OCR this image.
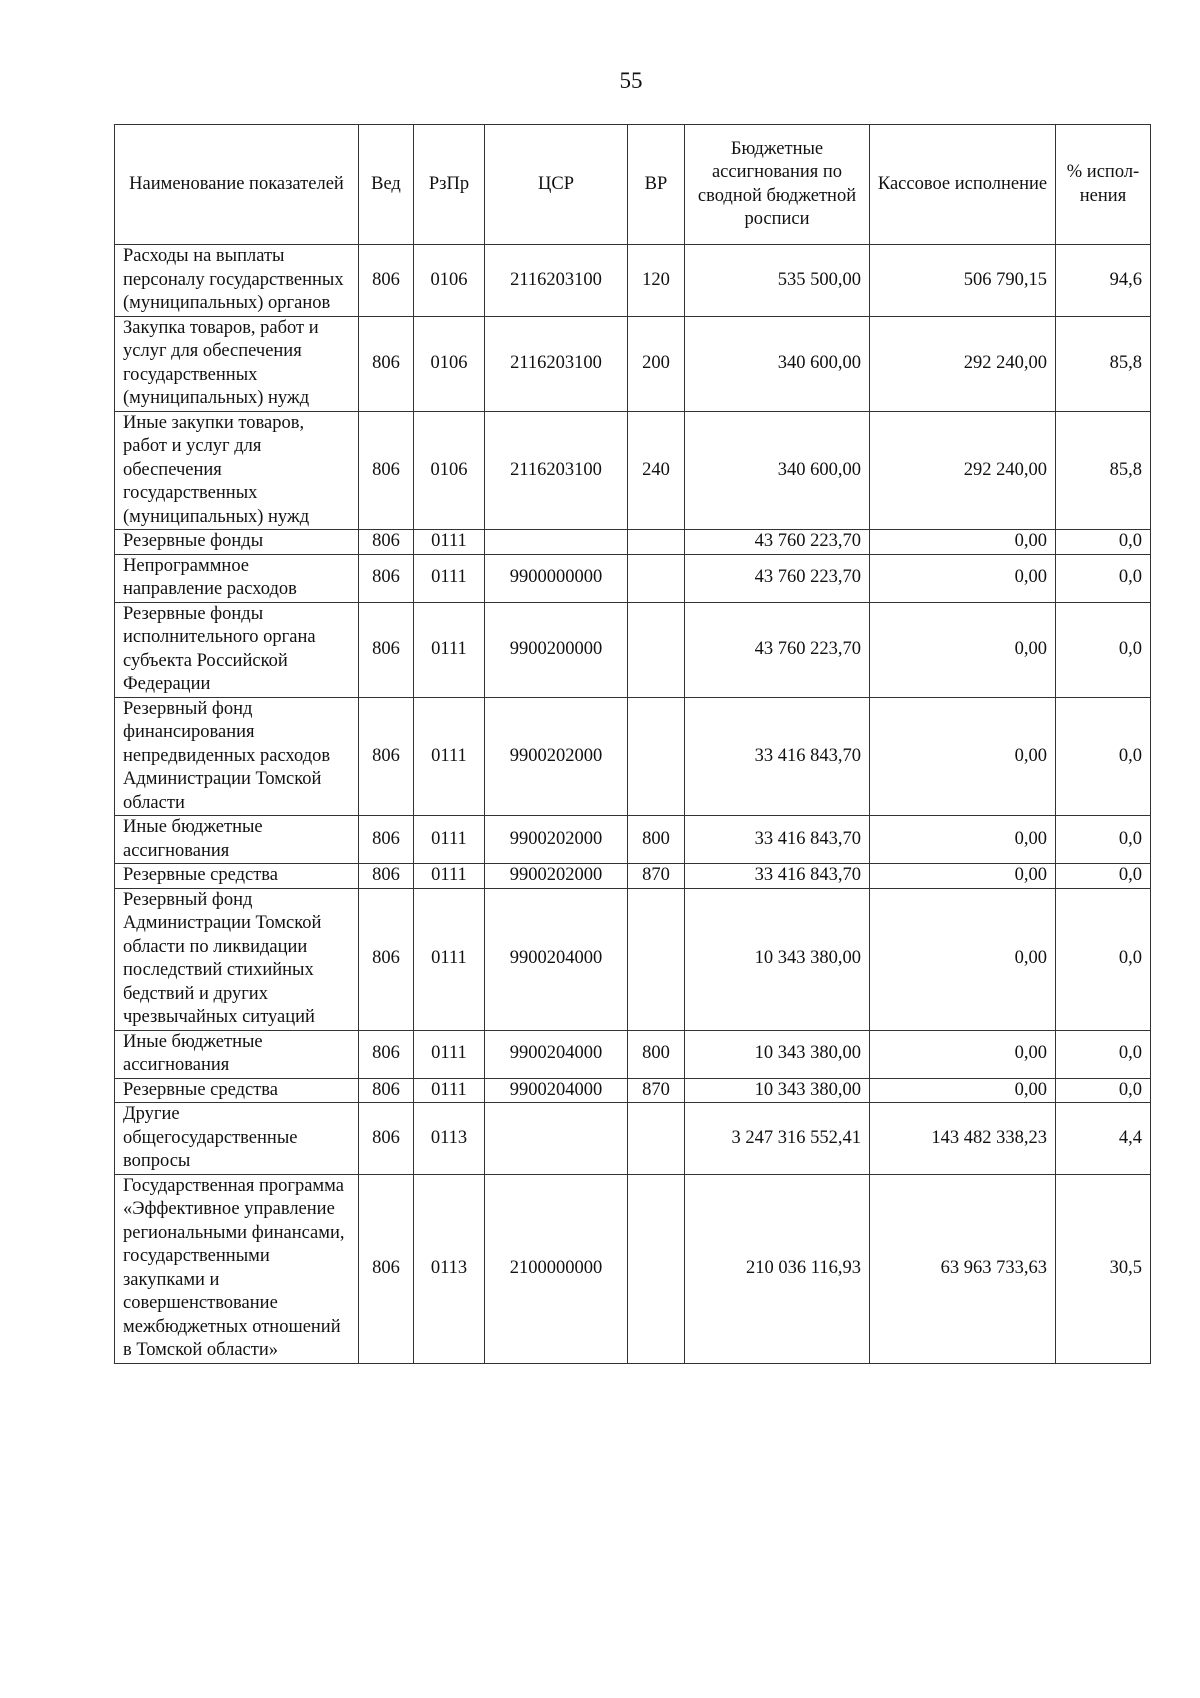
55
Наименование показателей	Вед	РзПр	ЦСР	ВР	Бюджетные ассигнования по сводной бюджетной росписи	Кассовое исполнение	% испол-нения
Расходы на выплаты персоналу государственных (муниципальных) органов	806	0106	2116203100	120	535 500,00	506 790,15	94,6
Закупка товаров, работ и услуг для обеспечения государственных (муниципальных) нужд	806	0106	2116203100	200	340 600,00	292 240,00	85,8
Иные закупки товаров, работ и услуг для обеспечения государственных (муниципальных) нужд	806	0106	2116203100	240	340 600,00	292 240,00	85,8
Резервные фонды	806	0111			43 760 223,70	0,00	0,0
Непрограммное направление расходов	806	0111	9900000000		43 760 223,70	0,00	0,0
Резервные фонды исполнительного органа субъекта Российской Федерации	806	0111	9900200000		43 760 223,70	0,00	0,0
Резервный фонд финансирования непредвиденных расходов Администрации Томской области	806	0111	9900202000		33 416 843,70	0,00	0,0
Иные бюджетные ассигнования	806	0111	9900202000	800	33 416 843,70	0,00	0,0
Резервные средства	806	0111	9900202000	870	33 416 843,70	0,00	0,0
Резервный фонд Администрации Томской области по ликвидации последствий стихийных бедствий и других чрезвычайных ситуаций	806	0111	9900204000		10 343 380,00	0,00	0,0
Иные бюджетные ассигнования	806	0111	9900204000	800	10 343 380,00	0,00	0,0
Резервные средства	806	0111	9900204000	870	10 343 380,00	0,00	0,0
Другие общегосударственные вопросы	806	0113			3 247 316 552,41	143 482 338,23	4,4
Государственная программа «Эффективное управление региональными финансами, государственными закупками и совершенствование межбюджетных отношений в Томской области»	806	0113	2100000000		210 036 116,93	63 963 733,63	30,5
